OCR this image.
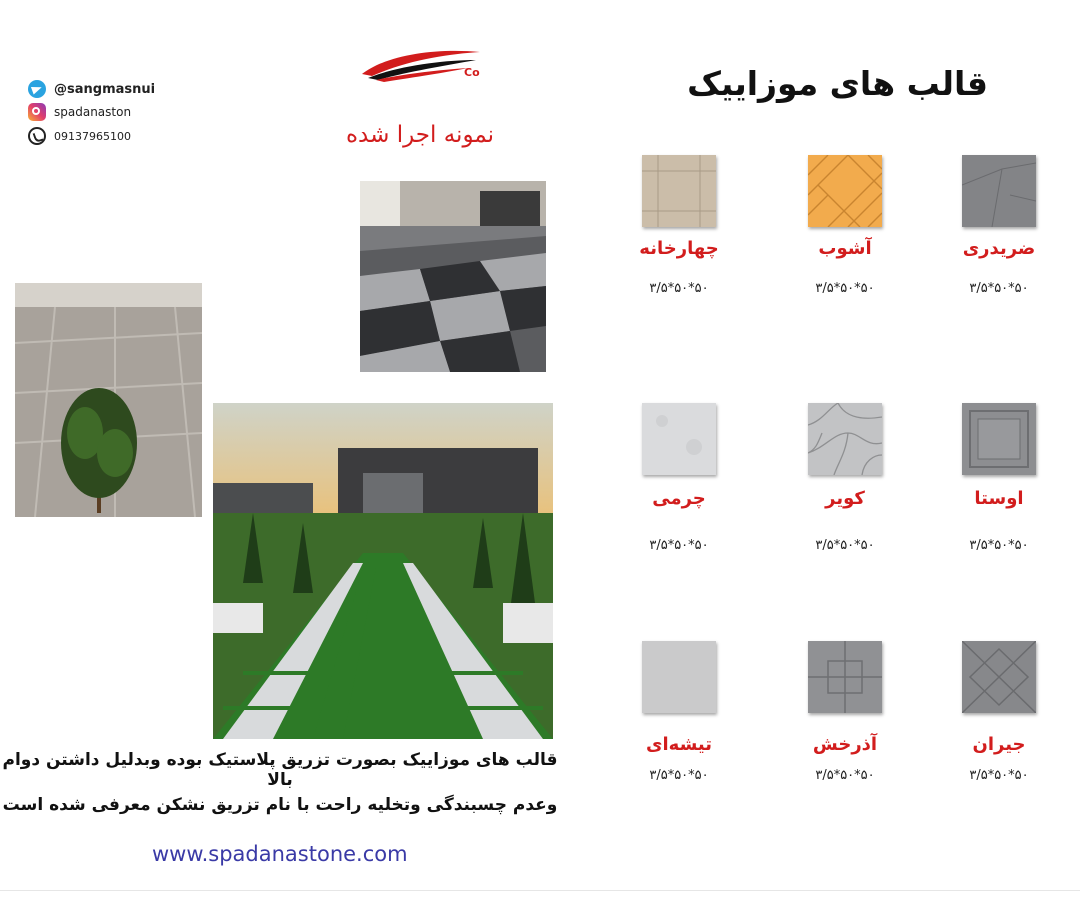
@sangmasnui
spadanaston
09137965100
Co	قالب های موزاییک
نمونه اجرا شده
چهارخانه	آشوب	ضریدری
۵۰*۵۰*۳/۵	۵۰*۵۰*۳/۵	۵۰*۵۰*۳/۵
چرمی	کویر	اوستا
۵۰*۵۰*۳/۵	۵۰*۵۰*۳/۵	۵۰*۵۰*۳/۵
تیشه‌ای	آذرخش	جیران
۵۰*۵۰*۳/۵	۵۰*۵۰*۳/۵	۵۰*۵۰*۳/۵
قالب های موزاییک بصورت تزریق پلاستیک بوده وبدلیل داشتن دوام بالا
وعدم چسبندگی وتخلیه راحت با نام تزریق نشکن معرفی شده است
www.spadanastone.com
